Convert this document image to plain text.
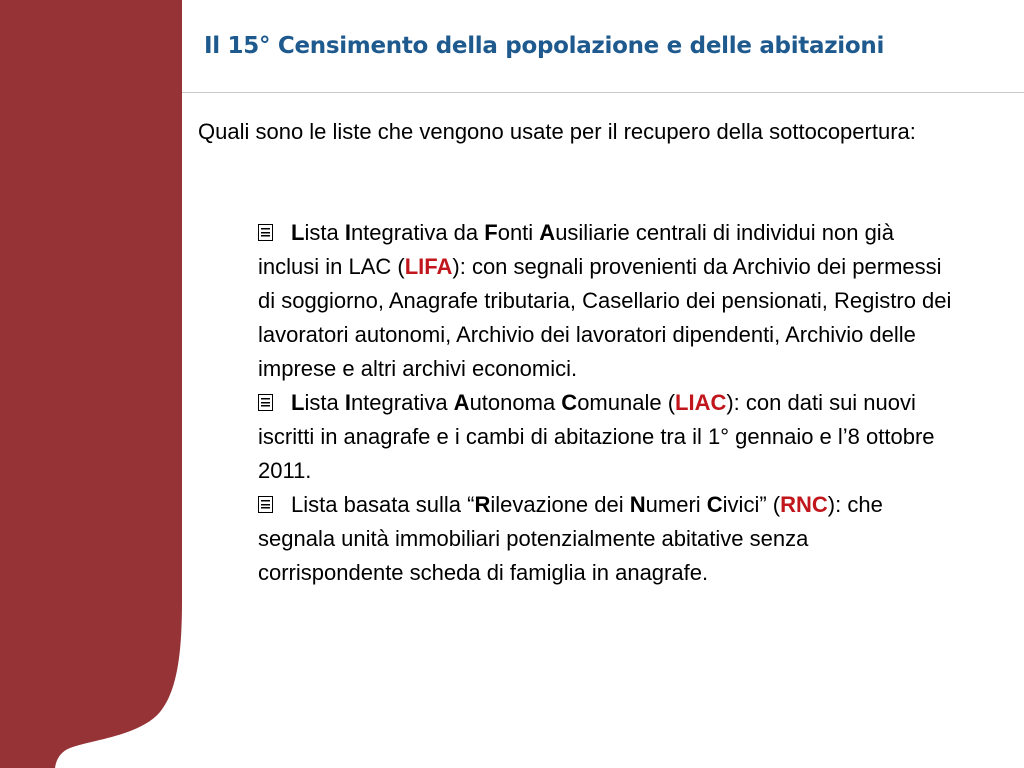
Il 15° Censimento della popolazione e delle abitazioni

Quali sono le liste che vengono usate per il recupero della sottocopertura:

Lista Integrativa da Fonti Ausiliarie centrali di individui non già inclusi in LAC (LIFA): con segnali provenienti da Archivio dei permessi di soggiorno, Anagrafe tributaria, Casellario dei pensionati, Registro dei lavoratori autonomi, Archivio dei lavoratori dipendenti, Archivio delle imprese e altri archivi economici.
Lista Integrativa Autonoma Comunale (LIAC): con dati sui nuovi iscritti in anagrafe e i cambi di abitazione tra il 1° gennaio e l’8 ottobre 2011.
Lista basata sulla “Rilevazione dei Numeri Civici” (RNC): che segnala unità immobiliari potenzialmente abitative senza corrispondente scheda di famiglia in anagrafe.
